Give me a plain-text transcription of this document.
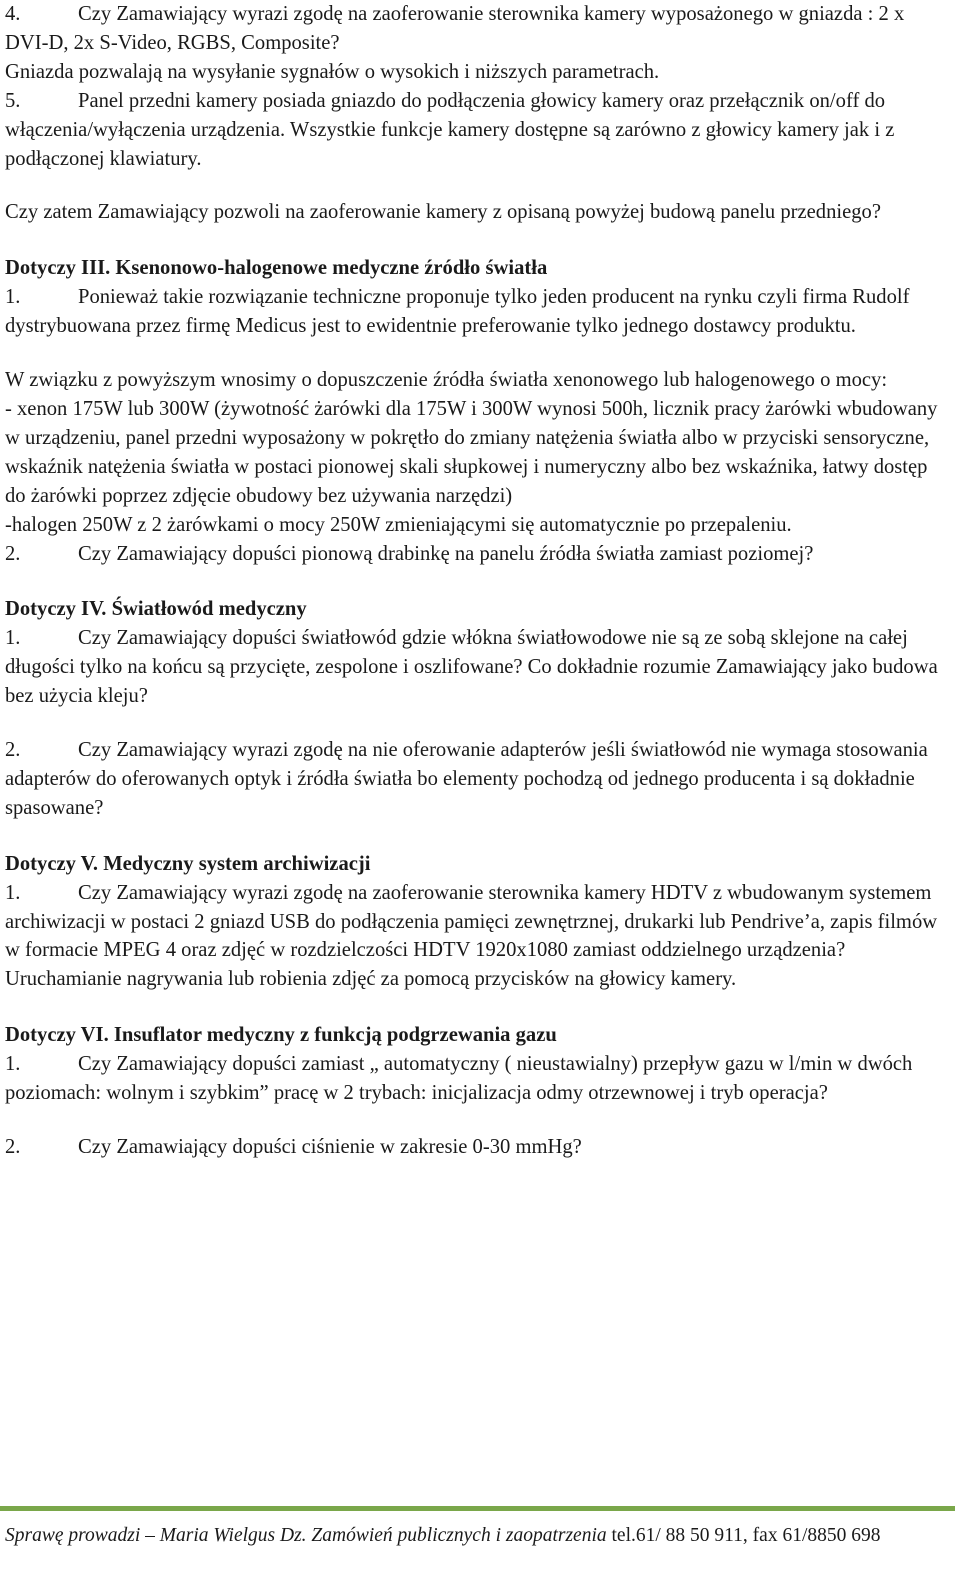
4.	Czy Zamawiający wyrazi zgodę na zaoferowanie sterownika kamery wyposażonego w gniazda : 2 x DVI-D, 2x S-Video, RGBS, Composite?

Gniazda pozwalają na wysyłanie sygnałów o wysokich i niższych parametrach.

5.	Panel przedni kamery posiada gniazdo do podłączenia głowicy kamery oraz przełącznik on/off do włączenia/wyłączenia urządzenia. Wszystkie funkcje kamery dostępne są zarówno z głowicy kamery jak i z podłączonej klawiatury.

Czy zatem Zamawiający pozwoli na zaoferowanie kamery z opisaną powyżej budową panelu przedniego?

Dotyczy III. Ksenonowo-halogenowe medyczne źródło światła

1.	Ponieważ takie rozwiązanie techniczne proponuje tylko jeden producent na rynku czyli firma Rudolf dystrybuowana przez firmę Medicus jest to ewidentnie preferowanie tylko jednego dostawcy produktu.

W związku z powyższym wnosimy o dopuszczenie źródła światła xenonowego lub halogenowego o mocy:

- xenon 175W lub 300W (żywotność żarówki dla 175W i 300W wynosi 500h, licznik pracy żarówki wbudowany w urządzeniu, panel przedni wyposażony w pokrętło do zmiany natężenia światła albo w przyciski sensoryczne, wskaźnik natężenia światła w postaci pionowej skali słupkowej i numeryczny albo bez wskaźnika, łatwy dostęp do żarówki poprzez zdjęcie obudowy bez używania narzędzi)

-halogen 250W z 2 żarówkami o mocy 250W zmieniającymi się automatycznie po przepaleniu.

2.	Czy Zamawiający dopuści pionową drabinkę na panelu źródła światła zamiast poziomej?

Dotyczy IV. Światłowód medyczny

1.	Czy Zamawiający dopuści światłowód gdzie włókna światłowodowe nie są ze sobą sklejone na całej długości tylko na końcu są przycięte, zespolone i oszlifowane? Co dokładnie rozumie Zamawiający jako budowa bez użycia kleju?

2.	Czy Zamawiający wyrazi zgodę na nie oferowanie adapterów jeśli światłowód nie wymaga stosowania adapterów do oferowanych optyk i źródła światła bo elementy pochodzą od jednego producenta i są dokładnie spasowane?

Dotyczy V. Medyczny system archiwizacji

1.	Czy Zamawiający wyrazi zgodę na zaoferowanie sterownika kamery HDTV z wbudowanym systemem archiwizacji w postaci 2 gniazd USB do podłączenia pamięci zewnętrznej, drukarki lub Pendrive’a, zapis filmów w formacie MPEG 4 oraz zdjęć w rozdzielczości HDTV 1920x1080 zamiast oddzielnego urządzenia? Uruchamianie nagrywania lub robienia zdjęć za pomocą przycisków na głowicy kamery.

Dotyczy VI. Insuflator medyczny z funkcją podgrzewania gazu

1.	Czy Zamawiający dopuści zamiast „ automatyczny ( nieustawialny) przepływ gazu w l/min w dwóch poziomach: wolnym i szybkim” pracę w 2 trybach: inicjalizacja odmy otrzewnowej i tryb operacja?

2.	Czy Zamawiający dopuści ciśnienie w zakresie 0-30 mmHg?

Sprawę prowadzi – Maria Wielgus Dz. Zamówień publicznych i zaopatrzenia tel.61/ 88 50 911, fax 61/8850 698
